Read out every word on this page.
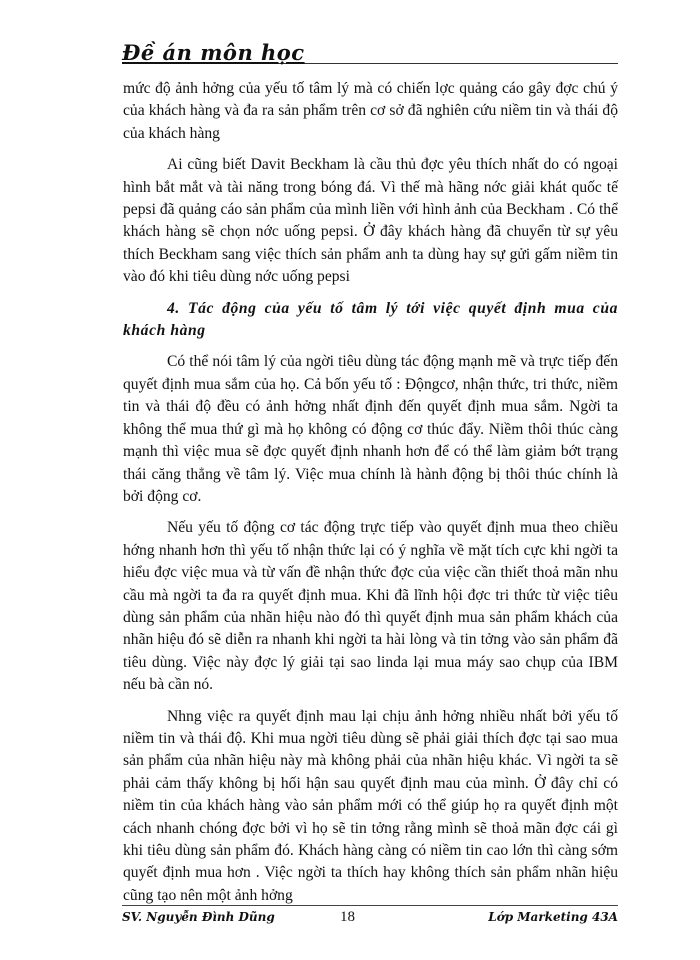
Đề án môn học

mức độ ảnh hởng của yếu tố tâm lý mà có chiến lợc quảng cáo gây đợc chú ý của khách hàng và đa ra sản phẩm trên cơ sở đã nghiên cứu niềm tin và thái độ của khách hàng

Ai cũng biết Davit Beckham là cầu thủ đợc yêu thích nhất do có ngoại hình bắt mắt và tài năng trong bóng đá. Vì thế mà hãng nớc giải khát quốc tế pepsi đã quảng cáo sản phẩm của mình liền với hình ảnh của Beckham . Có thể khách hàng sẽ chọn nớc uống pepsi. Ở đây khách hàng đã chuyển từ sự yêu thích Beckham sang việc thích sản phẩm anh ta dùng hay sự gửi gấm niềm tin vào đó khi tiêu dùng nớc uống pepsi

4. Tác động của yếu tố tâm lý tới việc quyết định mua của khách hàng

Có thể nói tâm lý của ngời tiêu dùng tác động mạnh mẽ và trực tiếp đến quyết định mua sắm của họ. Cả bốn yếu tố : Độngcơ, nhận thức, tri thức, niềm tin và thái độ đều có ảnh hởng nhất định đến quyết định mua sắm. Ngời ta không thể mua thứ gì mà họ không có động cơ thúc đẩy. Niềm thôi thúc càng mạnh thì việc mua sẽ đợc quyết định nhanh hơn để có thể làm giảm bớt trạng thái căng thẳng về tâm lý. Việc mua chính là hành động bị thôi thúc chính là bởi động cơ.

Nếu yếu tố động cơ tác động trực tiếp vào quyết định mua theo chiều hớng nhanh hơn thì yếu tố nhận thức lại có ý nghĩa về mặt tích cực khi ngời ta hiểu đợc việc mua và từ vấn đề nhận thức đợc của việc cần thiết thoả mãn nhu cầu mà ngời ta đa ra quyết định mua. Khi đã lĩnh hội đợc tri thức từ việc tiêu dùng sản phẩm của nhãn hiệu nào đó thì quyết định mua sản phẩm khách của nhãn hiệu đó sẽ diễn ra nhanh khi ngời ta hài lòng và tin tởng vào sản phẩm đã tiêu dùng. Việc này đợc lý giải tại sao linda lại mua máy sao chụp của IBM nếu bà cần nó.

Nhng việc ra quyết định mau lại chịu ảnh hởng nhiều nhất bởi yếu tố niềm tin và thái độ. Khi mua ngời tiêu dùng sẽ phải giải thích đợc tại sao mua sản phẩm của nhãn hiệu này mà không phải của nhãn hiệu khác. Vì ngời ta sẽ phải cảm thấy không bị hối hận sau quyết định mau của mình. Ở đây chỉ có niềm tin của khách hàng vào sản phẩm mới có thể giúp họ ra quyết định một cách nhanh chóng đợc bởi vì họ sẽ tin tởng rằng mình sẽ thoả mãn đợc cái gì khi tiêu dùng sản phẩm đó. Khách hàng càng có niềm tin cao lớn thì càng sớm quyết định mua hơn . Việc ngời ta thích hay không thích sản phẩm nhãn hiệu cũng tạo nên một ảnh hởng

SV. Nguyễn Đình Dũng	18	Lớp Marketing 43A
